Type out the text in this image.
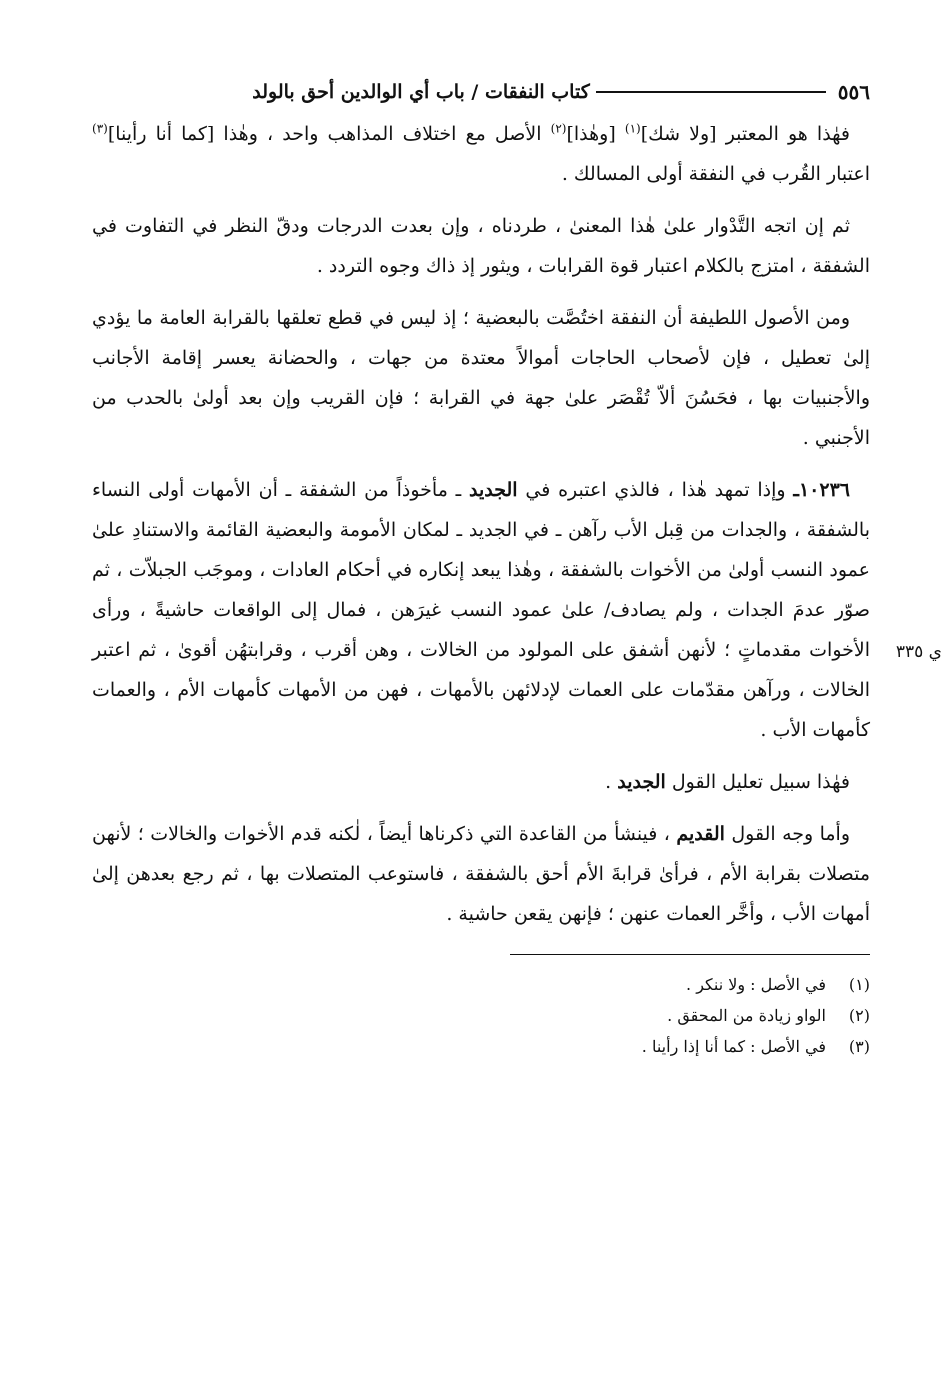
٥٥٦
كتاب النفقات / باب أي الوالدين أحق بالولد

فهٰذا هو المعتبر [ولا شك]$^{(١)}$ [وهٰذا]$^{(٢)}$ الأصل مع اختلاف المذاهب واحد ، وهٰذا [كما أنا رأينا]$^{(٣)}$ اعتبار القُرب في النفقة أولى المسالك .

ثم إن اتجه التَّدْوار علىٰ هٰذا المعنىٰ ، طردناه ، وإن بعدت الدرجات ودقّ النظر في التفاوت في الشفقة ، امتزج بالكلام اعتبار قوة القرابات ، ويثور إذ ذاك وجوه التردد .

ومن الأصول اللطيفة أن النفقة اختُصَّت بالبعضية ؛ إذ ليس في قطع تعلقها بالقرابة العامة ما يؤدي إلىٰ تعطيل ، فإن لأصحاب الحاجات أموالاً معتدة من جهات ، والحضانة يعسر إقامة الأجانب والأجنبيات بها ، فحَسُنَ ألاّ تُقْصَر علىٰ جهة في القرابة ؛ فإن القريب وإن بعد أولىٰ بالحدب من الأجنبي .

١٠٢٣٦ـ وإذا تمهد هٰذا ، فالذي اعتبره في الجديد ـ مأخوذاً من الشفقة ـ أن الأمهات أولى النساء بالشفقة ، والجدات من قِبل الأب رآهن ـ في الجديد ـ لمكان الأمومة والبعضية القائمة والاستنادِ علىٰ عمود النسب أولىٰ من الأخوات بالشفقة ، وهٰذا يبعد إنكاره في أحكام العادات ، وموجَب الجبلاّت ، ثم صوّر عدمَ الجدات ، ولم يصادف/ علىٰ عمود النسب غيرَهن ، فمال إلى الواقعات حاشيةً ، ورأى الأخوات مقدماتٍ ؛ لأنهن أشفق على المولود من الخالات ، وهن أقرب ، وقرابتهُن أقوىٰ ، ثم اعتبر الخالات ، ورآهن مقدّمات على العمات لإدلائهن بالأمهات ، فهن من الأمهات كأمهات الأم ، والعمات كأمهات الأب .
ي ٣٣٥

فهٰذا سبيل تعليل القول الجديد .

وأما وجه القول القديم ، فينشأ من القاعدة التي ذكرناها أيضاً ، لٰكنه قدم الأخوات والخالات ؛ لأنهن متصلات بقرابة الأم ، فرأىٰ قرابةَ الأم أحق بالشفقة ، فاستوعب المتصلات بها ، ثم رجع بعدهن إلىٰ أمهات الأب ، وأخَّر العمات عنهن ؛ فإنهن يقعن حاشية .

(١)
في الأصل : ولا ننكر .
(٢)
الواو زيادة من المحقق .
(٣)
في الأصل : كما أنا إذا رأينا .
